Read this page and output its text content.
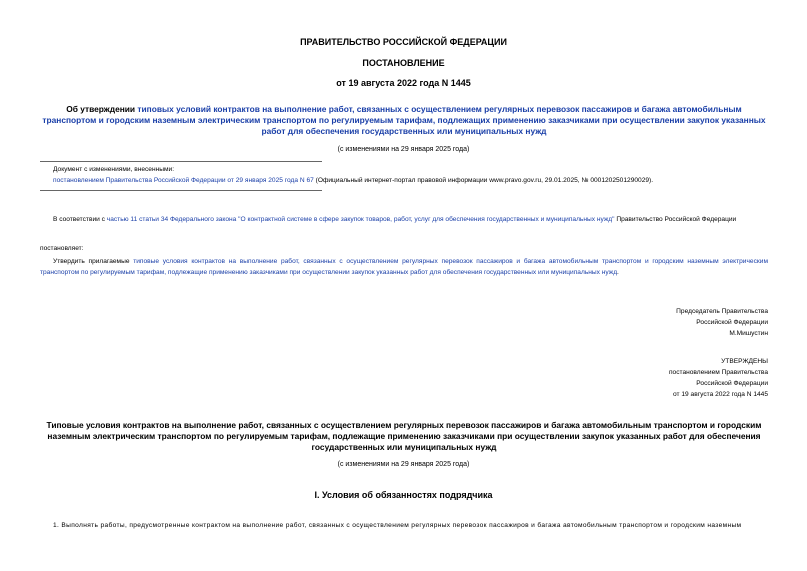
ПРАВИТЕЛЬСТВО РОССИЙСКОЙ ФЕДЕРАЦИИ
ПОСТАНОВЛЕНИЕ
от 19 августа 2022 года N 1445
Об утверждении типовых условий контрактов на выполнение работ, связанных с осуществлением регулярных перевозок пассажиров и багажа автомобильным транспортом и городским наземным электрическим транспортом по регулируемым тарифам, подлежащих применению заказчиками при осуществлении закупок указанных работ для обеспечения государственных или муниципальных нужд
(с изменениями на 29 января 2025 года)
Документ с изменениями, внесенными:
постановлением Правительства Российской Федерации от 29 января 2025 года N 67 (Официальный интернет-портал правовой информации www.pravo.gov.ru, 29.01.2025, № 0001202501290029).
В соответствии с частью 11 статьи 34 Федерального закона "О контрактной системе в сфере закупок товаров, работ, услуг для обеспечения государственных и муниципальных нужд" Правительство Российской Федерации
постановляет:
Утвердить прилагаемые типовые условия контрактов на выполнение работ, связанных с осуществлением регулярных перевозок пассажиров и багажа автомобильным транспортом и городским наземным электрическим транспортом по регулируемым тарифам, подлежащие применению заказчиками при осуществлении закупок указанных работ для обеспечения государственных или муниципальных нужд.
Председатель Правительства
Российской Федерации
М.Мишустин
УТВЕРЖДЕНЫ
постановлением Правительства
Российской Федерации
от 19 августа 2022 года N 1445
Типовые условия контрактов на выполнение работ, связанных с осуществлением регулярных перевозок пассажиров и багажа автомобильным транспортом и городским наземным электрическим транспортом по регулируемым тарифам, подлежащие применению заказчиками при осуществлении закупок указанных работ для обеспечения государственных или муниципальных нужд
(с изменениями на 29 января 2025 года)
I. Условия об обязанностях подрядчика
1. Выполнять работы, предусмотренные контрактом на выполнение работ, связанных с осуществлением регулярных перевозок пассажиров и багажа автомобильным транспортом и городским наземным
